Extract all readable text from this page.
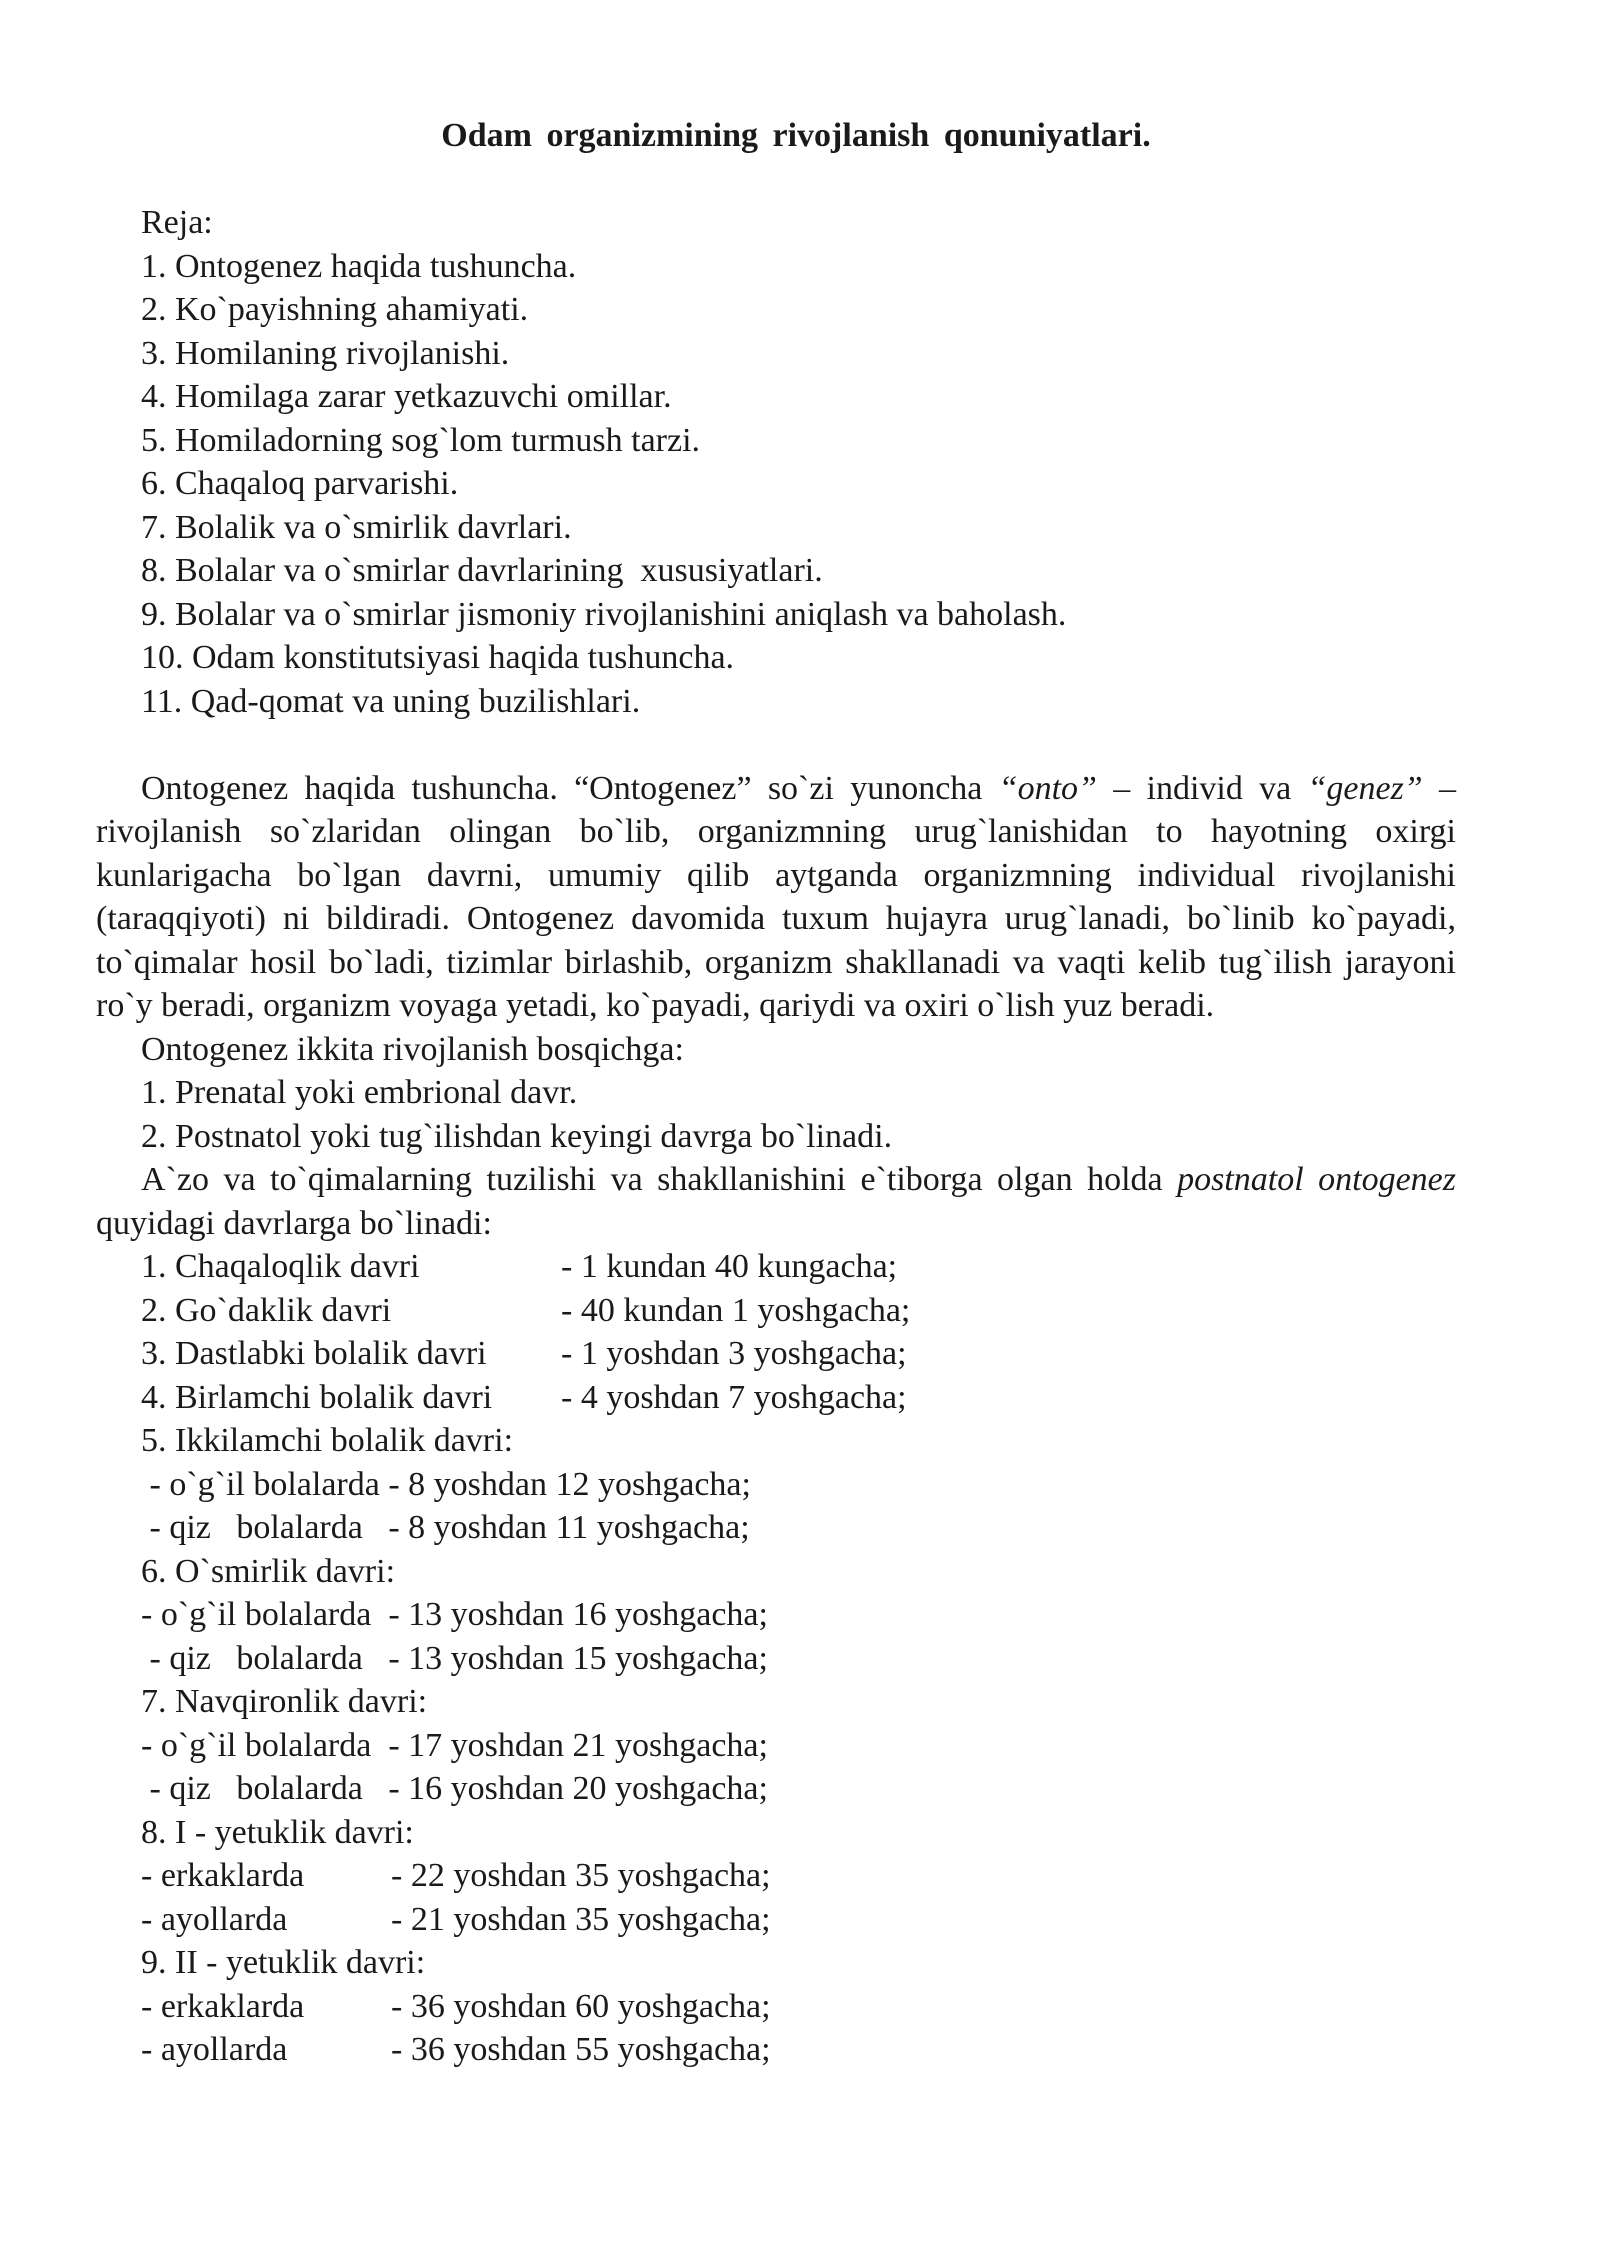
Odam organizmining rivojlanish qonuniyatlari.
Reja:
1. Ontogenez haqida tushuncha.
2. Ko`payishning ahamiyati.
3. Homilaning rivojlanishi.
4. Homilaga zarar yetkazuvchi omillar.
5. Homiladorning sog`lom turmush tarzi.
6. Chaqaloq parvarishi.
7. Bolalik va o`smirlik davrlari.
8. Bolalar va o`smirlar davrlarining  xususiyatlari.
9. Bolalar va o`smirlar jismoniy rivojlanishini aniqlash va baholash.
10. Odam konstitutsiyasi haqida tushuncha.
11. Qad-qomat va uning buzilishlari.

Ontogenez haqida tushuncha. “Ontogenez” so`zi yunoncha “onto” – individ va “genez” – rivojlanish so`zlaridan olingan bo`lib, organizmning urug`lanishidan to hayotning oxirgi kunlarigacha bo`lgan davrni, umumiy qilib aytganda organizmning individual rivojlanishi (taraqqiyoti) ni bildiradi. Ontogenez davomida tuxum hujayra urug`lanadi, bo`linib ko`payadi, to`qimalar hosil bo`ladi, tizimlar birlashib, organizm shakllanadi va vaqti kelib tug`ilish jarayoni ro`y beradi, organizm voyaga yetadi, ko`payadi, qariydi va oxiri o`lish yuz beradi.

Ontogenez ikkita rivojlanish bosqichga:
1. Prenatal yoki embrional davr.
2. Postnatol yoki tug`ilishdan keyingi davrga bo`linadi.

A`zo va to`qimalarning tuzilishi va shakllanishini e`tiborga olgan holda postnatol ontogenez quyidagi davrlarga bo`linadi:

1. Chaqaloqlik davri	- 1 kundan 40 kungacha;
2. Go`daklik davri	- 40 kundan 1 yoshgacha;
3. Dastlabki bolalik davri	- 1 yoshdan 3 yoshgacha;
4. Birlamchi bolalik davri	- 4 yoshdan 7 yoshgacha;
5. Ikkilamchi bolalik davri:
- o`g`il bolalarda - 8 yoshdan 12 yoshgacha;
- qiz   bolalarda   - 8 yoshdan 11 yoshgacha;
6. O`smirlik davri:
- o`g`il bolalarda  - 13 yoshdan 16 yoshgacha;
- qiz   bolalarda   - 13 yoshdan 15 yoshgacha;
7. Navqironlik davri:
- o`g`il bolalarda  - 17 yoshdan 21 yoshgacha;
- qiz   bolalarda   - 16 yoshdan 20 yoshgacha;
8. I - yetuklik davri:
- erkaklarda	- 22 yoshdan 35 yoshgacha;
- ayollarda	- 21 yoshdan 35 yoshgacha;
9. II - yetuklik davri:
- erkaklarda	- 36 yoshdan 60 yoshgacha;
- ayollarda	- 36 yoshdan 55 yoshgacha;
